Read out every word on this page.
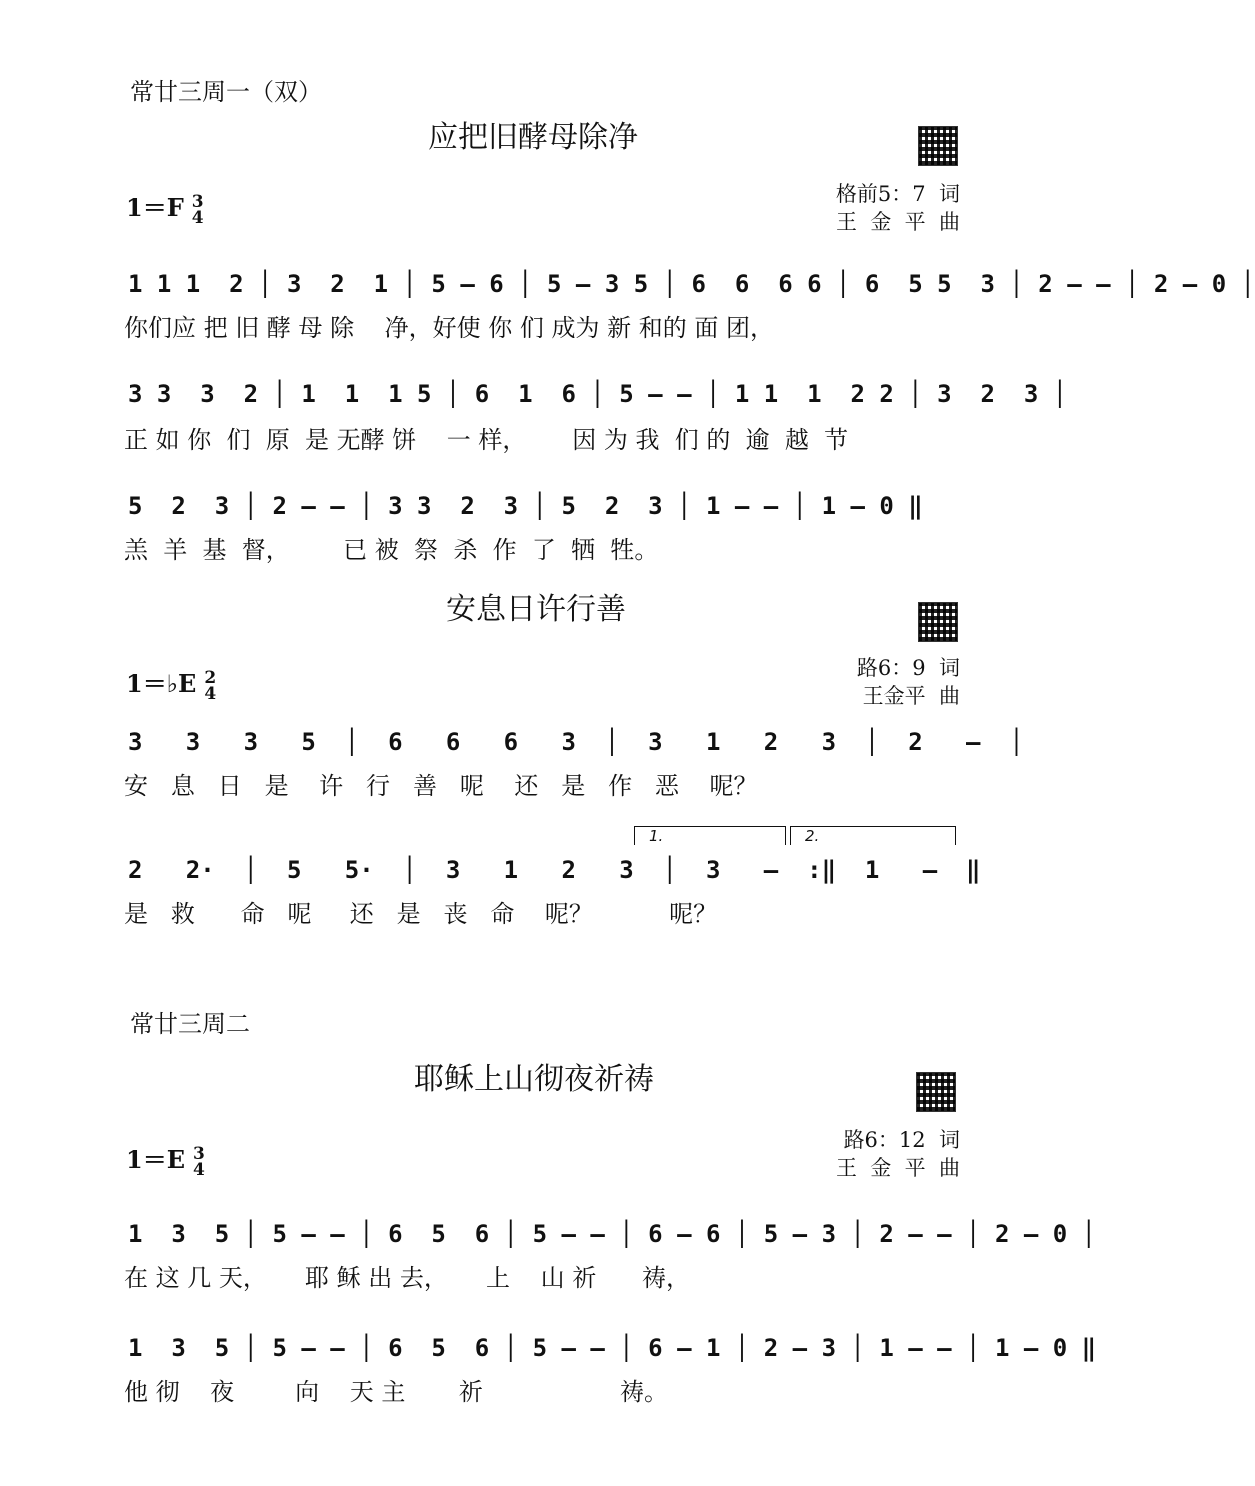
常廿三周一（双）
应把旧酵母除净
1＝F 3
4
格前5：7  词
王  金  平  曲
1 1 1  2 │ 3  2  1 │ 5 – 6 │ 5 – 3 5 │ 6  6  6 6 │ 6  5 5  3 │ 2 – – │ 2 – 0 │
你们应 把 旧 酵 母 除    净，好使 你 们 成为 新 和的 面 团，
3 3  3  2 │ 1  1  1 5 │ 6  1  6 │ 5 – – │ 1 1  1  2 2 │ 3  2  3 │
正 如 你  们  原  是 无酵 饼    一 样，      因 为 我  们 的  逾  越  节
5  2  3 │ 2 – – │ 3 3  2  3 │ 5  2  3 │ 1 – – │ 1 – 0 ‖
羔  羊  基  督，       已 被  祭  杀  作  了  牺  牲。
安息日许行善
1＝♭E 2
4
路6：9  词
王金平  曲
3   3   3   5  │  6   6   6   3  │  3   1   2   3  │  2   –  │
安   息   日   是    许   行   善   呢    还   是   作   恶    呢？
1.	2.
2   2·  │  5   5·  │  3   1   2   3  │  3   –  :‖  1   –  ‖
是   救      命   呢     还   是   丧   命    呢？          呢？
常廿三周二
耶稣上山彻夜祈祷
1＝E 3
4
路6：12  词
王  金  平  曲
1  3  5 │ 5 – – │ 6  5  6 │ 5 – – │ 6 – 6 │ 5 – 3 │ 2 – – │ 2 – 0 │
在 这 几 天，     耶 稣 出 去，     上    山 祈      祷，
1  3  5 │ 5 – – │ 6  5  6 │ 5 – – │ 6 – 1 │ 2 – 3 │ 1 – – │ 1 – 0 ‖
他 彻    夜        向    天 主       祈                  祷。
